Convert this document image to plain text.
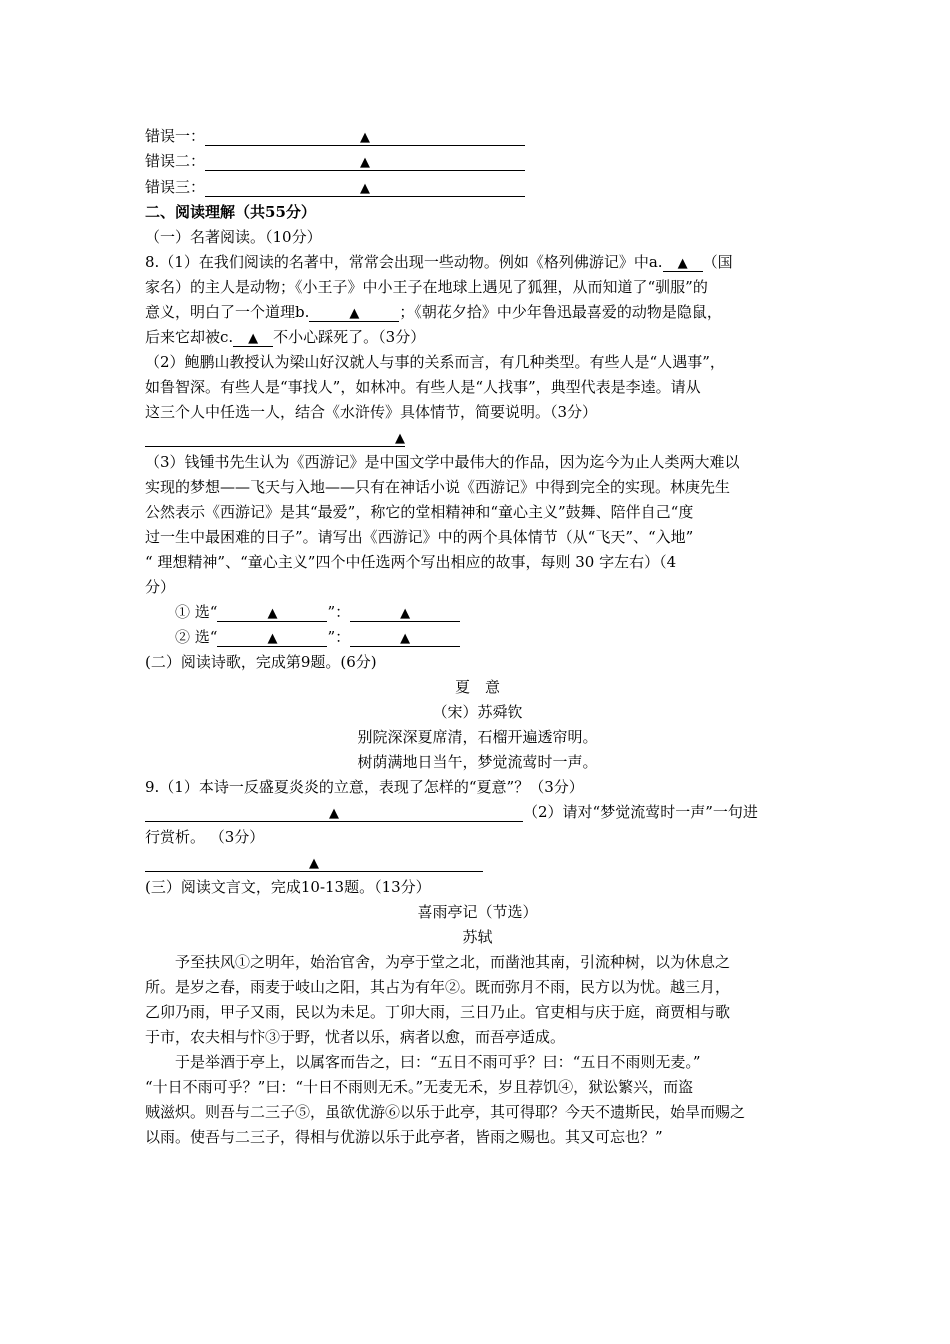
错误一：	▲
错误二：	▲
错误三：	▲
二、阅读理解（共55分）
（一）名著阅读。（10分）
8.（1）在我们阅读的名著中，常常会出现一些动物。例如《格列佛游记》中a. ▲ （国
家名）的主人是动物；《小王子》中小王子在地球上遇见了狐狸，从而知道了“驯服”的
意义，明白了一个道理b.	▲	；《朝花夕拾》中少年鲁迅最喜爱的动物是隐鼠，
后来它却被c. ▲ 不小心踩死了。（3分）
（2）鲍鹏山教授认为梁山好汉就人与事的关系而言，有几种类型。有些人是“人遇事”，
如鲁智深。有些人是“事找人”，如林冲。有些人是“人找事”，典型代表是李逵。请从
这三个人中任选一人，结合《水浒传》具体情节，简要说明。（3分）
▲
（3）钱锺书先生认为《西游记》是中国文学中最伟大的作品，因为迄今为止人类两大难以
实现的梦想——飞天与入地——只有在神话小说《西游记》中得到完全的实现。林庚先生
公然表示《西游记》是其“最爱”，称它的堂相精神和“童心主义”鼓舞、陪伴自己“度
过一生中最困难的日子”。请写出《西游记》中的两个具体情节（从“飞天”、“入地”
“ 理想精神”、“童心主义”四个中任选两个写出相应的故事，每则 30 字左右）（4
分）
① 选“	▲	”：	▲
② 选“	▲	”：	▲
(二）阅读诗歌，完成第9题。(6分)
夏　意
（宋）苏舜钦
别院深深夏席清，石榴开遍透帘明。
树荫满地日当午，梦觉流莺时一声。
9.（1）本诗一反盛夏炎炎的立意，表现了怎样的“夏意”？（3分）
▲	（2）请对“梦觉流莺时一声”一句进
行赏析。 （3分）
▲
(三）阅读文言文，完成10-13题。（13分）
喜雨亭记（节选）
苏轼
予至扶风①之明年，始治官舍，为亭于堂之北，而凿池其南，引流种树，以为休息之
所。是岁之春，雨麦于岐山之阳，其占为有年②。既而弥月不雨，民方以为忧。越三月，
乙卯乃雨，甲子又雨，民以为未足。丁卯大雨，三日乃止。官吏相与庆于庭，商贾相与歌
于市，农夫相与忭③于野，忧者以乐，病者以愈，而吾亭适成。
于是举酒于亭上，以属客而告之，曰：“五日不雨可乎？曰：“五日不雨则无麦。”
“十日不雨可乎？”曰：“十日不雨则无禾。”无麦无禾，岁且荐饥④，狱讼繁兴，而盗
贼滋炽。则吾与二三子⑤，虽欲优游⑥以乐于此亭，其可得耶？今天不遗斯民，始旱而赐之
以雨。使吾与二三子，得相与优游以乐于此亭者，皆雨之赐也。其又可忘也？”
